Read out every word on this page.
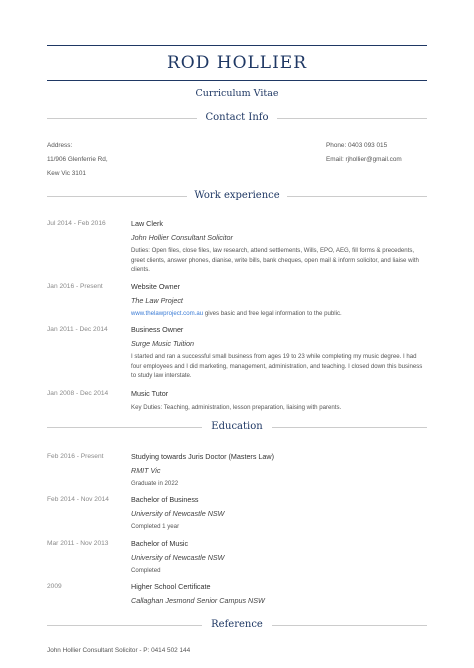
ROD HOLLIER
Curriculum Vitae
Contact Info
Address:
11/906 Glenferrie Rd,
Kew Vic 3101
Phone: 0403 093 015
Email: rjhollier@gmail.com
Work experience
Jul 2014 - Feb 2016	Law Clerk
John Hollier Consultant Solicitor
Duties: Open files, close files, law research, attend settlements, Wills, EPO, AEG, fill forms & precedents, greet clients, answer phones, dianise, write bills, bank cheques, open mail & inform solicitor, and liaise with clients.
Jan 2016 - Present	Website Owner
The Law Project
www.thelawproject.com.au gives basic and free legal information to the public.
Jan 2011 - Dec 2014	Business Owner
Surge Music Tuition
I started and ran a successful small business from ages 19 to 23 while completing my music degree. I had four employees and I did marketing, management, administration, and teaching. I closed down this business to study law interstate.
Jan 2008 - Dec 2014	Music Tutor
Key Duties: Teaching, administration, lesson preparation, liaising with parents.
Education
Feb 2016 - Present	Studying towards Juris Doctor (Masters Law)
RMIT Vic
Graduate in 2022
Feb 2014 - Nov 2014	Bachelor of Business
University of Newcastle NSW
Completed 1 year
Mar 2011 - Nov 2013	Bachelor of Music
University of Newcastle NSW
Completed
2009	Higher School Certificate
Callaghan Jesmond Senior Campus NSW
Reference
John Hollier Consultant Solicitor - P: 0414 502 144
